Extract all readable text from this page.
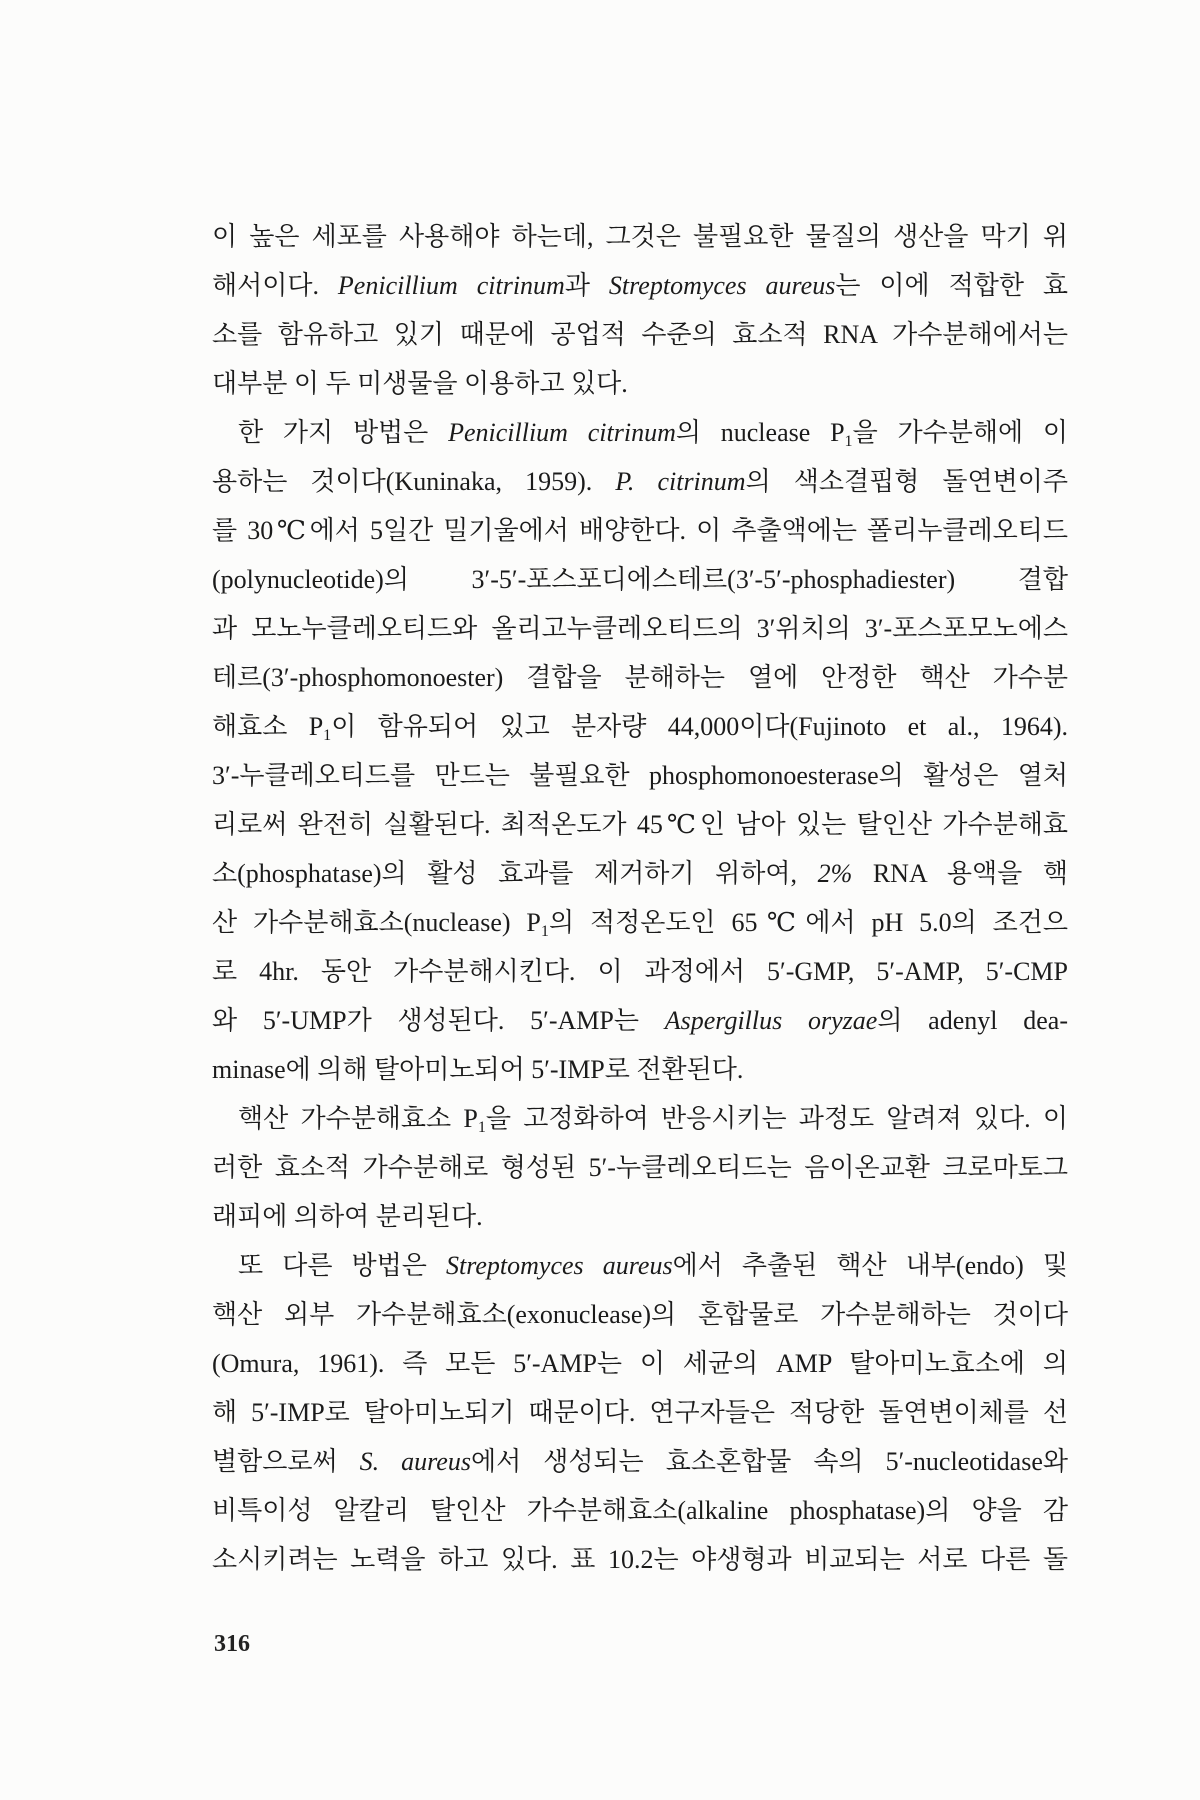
이 높은 세포를 사용해야 하는데, 그것은 불필요한 물질의 생산을 막기 위
해서이다. Penicillium citrinum과 Streptomyces aureus는 이에 적합한 효
소를 함유하고 있기 때문에 공업적 수준의 효소적 RNA 가수분해에서는
대부분 이 두 미생물을 이용하고 있다.
한 가지 방법은 Penicillium citrinum의 nuclease P1을 가수분해에 이
용하는 것이다(Kuninaka, 1959). P. citrinum의 색소결핍형 돌연변이주
를 30℃에서 5일간 밀기울에서 배양한다. 이 추출액에는 폴리누클레오티드
(polynucleotide)의 3′-5′-포스포디에스테르(3′-5′-phosphadiester) 결합
과 모노누클레오티드와 올리고누클레오티드의 3′위치의 3′-포스포모노에스
테르(3′-phosphomonoester) 결합을 분해하는 열에 안정한 핵산 가수분
해효소 P1이 함유되어 있고 분자량 44,000이다(Fujinoto et al., 1964).
3′-누클레오티드를 만드는 불필요한 phosphomonoesterase의 활성은 열처
리로써 완전히 실활된다. 최적온도가 45℃인 남아 있는 탈인산 가수분해효
소(phosphatase)의 활성 효과를 제거하기 위하여, 2% RNA 용액을 핵
산 가수분해효소(nuclease) P1의 적정온도인 65℃에서 pH 5.0의 조건으
로 4hr. 동안 가수분해시킨다. 이 과정에서 5′-GMP, 5′-AMP, 5′-CMP
와 5′-UMP가 생성된다. 5′-AMP는 Aspergillus oryzae의 adenyl dea-
minase에 의해 탈아미노되어 5′-IMP로 전환된다.
핵산 가수분해효소 P1을 고정화하여 반응시키는 과정도 알려져 있다. 이
러한 효소적 가수분해로 형성된 5′-누클레오티드는 음이온교환 크로마토그
래피에 의하여 분리된다.
또 다른 방법은 Streptomyces aureus에서 추출된 핵산 내부(endo) 및
핵산 외부 가수분해효소(exonuclease)의 혼합물로 가수분해하는 것이다
(Omura, 1961). 즉 모든 5′-AMP는 이 세균의 AMP 탈아미노효소에 의
해 5′-IMP로 탈아미노되기 때문이다. 연구자들은 적당한 돌연변이체를 선
별함으로써 S. aureus에서 생성되는 효소혼합물 속의 5′-nucleotidase와
비특이성 알칼리 탈인산 가수분해효소(alkaline phosphatase)의 양을 감
소시키려는 노력을 하고 있다. 표 10.2는 야생형과 비교되는 서로 다른 돌
316
